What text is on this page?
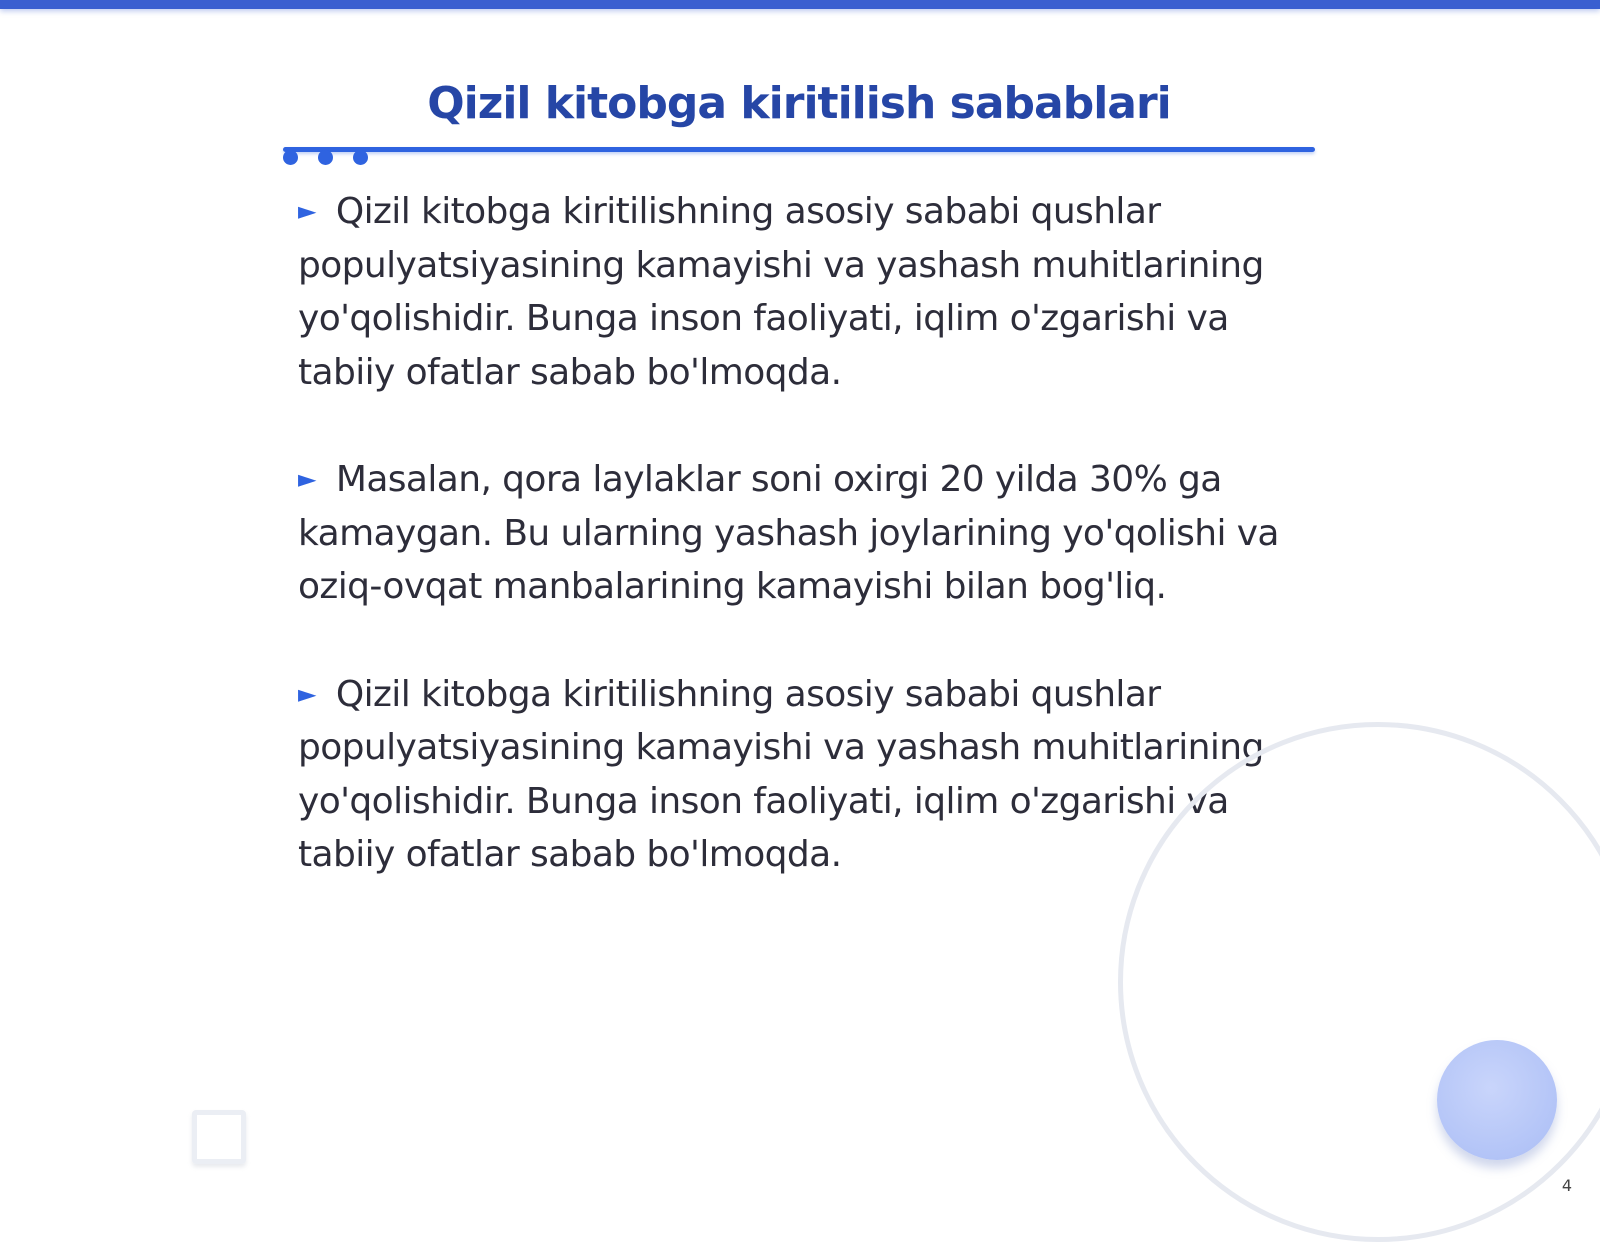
Qizil kitobga kiritilish sabablari

► Qizil kitobga kiritilishning asosiy sababi qushlar populyatsiyasining kamayishi va yashash muhitlarining yo'qolishidir. Bunga inson faoliyati, iqlim o'zgarishi va tabiiy ofatlar sabab bo'lmoqda.

► Masalan, qora laylaklar soni oxirgi 20 yilda 30% ga kamaygan. Bu ularning yashash joylarining yo'qolishi va oziq-ovqat manbalarining kamayishi bilan bog'liq.

► Qizil kitobga kiritilishning asosiy sababi qushlar populyatsiyasining kamayishi va yashash muhitlarining yo'qolishidir. Bunga inson faoliyati, iqlim o'zgarishi va tabiiy ofatlar sabab bo'lmoqda.

4
